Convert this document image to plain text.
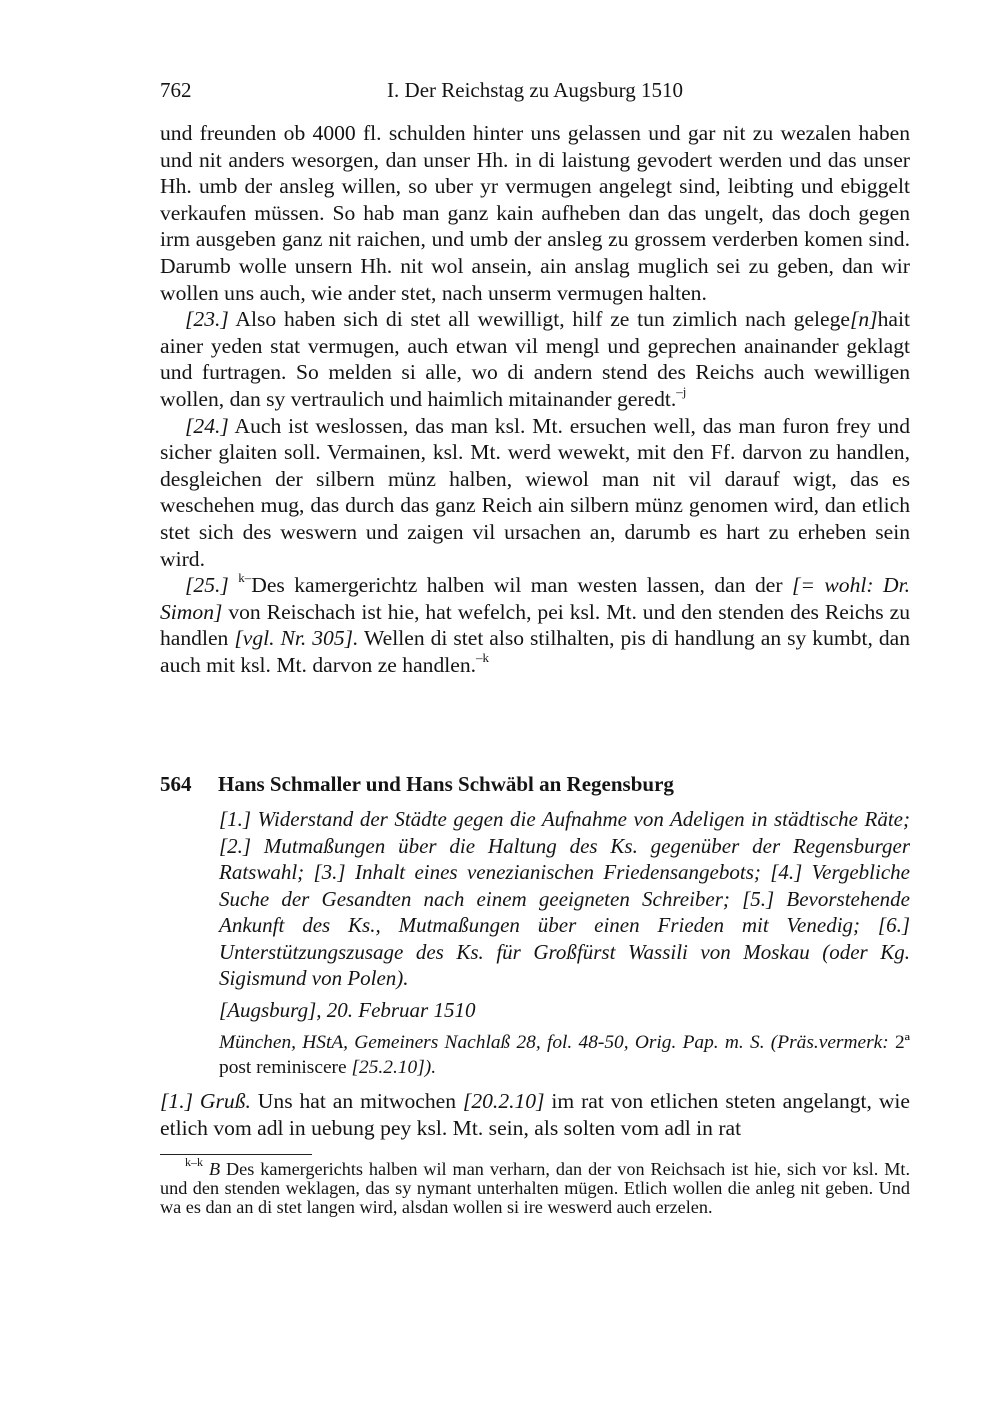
762	I. Der Reichstag zu Augsburg 1510

und freunden ob 4000 fl. schulden hinter uns gelassen und gar nit zu wezalen haben und nit anders wesorgen, dan unser Hh. in di laistung gevodert werden und das unser Hh. umb der ansleg willen, so uber yr vermugen angelegt sind, leibting und ebiggelt verkaufen müssen. So hab man ganz kain aufheben dan das ungelt, das doch gegen irm ausgeben ganz nit raichen, und umb der ansleg zu grossem verderben komen sind. Darumb wolle unsern Hh. nit wol ansein, ain anslag muglich sei zu geben, dan wir wollen uns auch, wie ander stet, nach unserm vermugen halten.

[23.] Also haben sich di stet all wewilligt, hilf ze tun zimlich nach gelege[n]hait ainer yeden stat vermugen, auch etwan vil mengl und geprechen anainander geklagt und furtragen. So melden si alle, wo di andern stend des Reichs auch wewilligen wollen, dan sy vertraulich und haimlich mitainander geredt.$^{-j}$

[24.] Auch ist weslossen, das man ksl. Mt. ersuchen well, das man furon frey und sicher glaiten soll. Vermainen, ksl. Mt. werd wewekt, mit den Ff. darvon zu handlen, desgleichen der silbern münz halben, wiewol man nit vil darauf wigt, das es weschehen mug, das durch das ganz Reich ain silbern münz genomen wird, dan etlich stet sich des weswern und zaigen vil ursachen an, darumb es hart zu erheben sein wird.

[25.] $^{k-}$Des kamergerichtz halben wil man westen lassen, dan der [= wohl: Dr. Simon] von Reischach ist hie, hat wefelch, pei ksl. Mt. und den stenden des Reichs zu handlen [vgl. Nr. 305]. Wellen di stet also stilhalten, pis di handlung an sy kumbt, dan auch mit ksl. Mt. darvon ze handlen.$^{-k}$

564 Hans Schmaller und Hans Schwäbl an Regensburg

[1.] Widerstand der Städte gegen die Aufnahme von Adeligen in städtische Räte; [2.] Mutmaßungen über die Haltung des Ks. gegenüber der Regensburger Ratswahl; [3.] Inhalt eines venezianischen Friedensangebots; [4.] Vergebliche Suche der Gesandten nach einem geeigneten Schreiber; [5.] Bevorstehende Ankunft des Ks., Mutmaßungen über einen Frieden mit Venedig; [6.] Unterstützungszusage des Ks. für Großfürst Wassili von Moskau (oder Kg. Sigismund von Polen).

[Augsburg], 20. Februar 1510
München, HStA, Gemeiners Nachlaß 28, fol. 48-50, Orig. Pap. m. S. (Präs.vermerk: 2ª post reminiscere [25.2.10]).

[1.] Gruß. Uns hat an mitwochen [20.2.10] im rat von etlichen steten angelangt, wie etlich vom adl in uebung pey ksl. Mt. sein, als solten vom adl in rat

$^{k-k}$ B Des kamergerichts halben wil man verharn, dan der von Reichsach ist hie, sich vor ksl. Mt. und den stenden weklagen, das sy nymant unterhalten mügen. Etlich wollen die anleg nit geben. Und wa es dan an di stet langen wird, alsdan wollen si ire weswerd auch erzelen.
